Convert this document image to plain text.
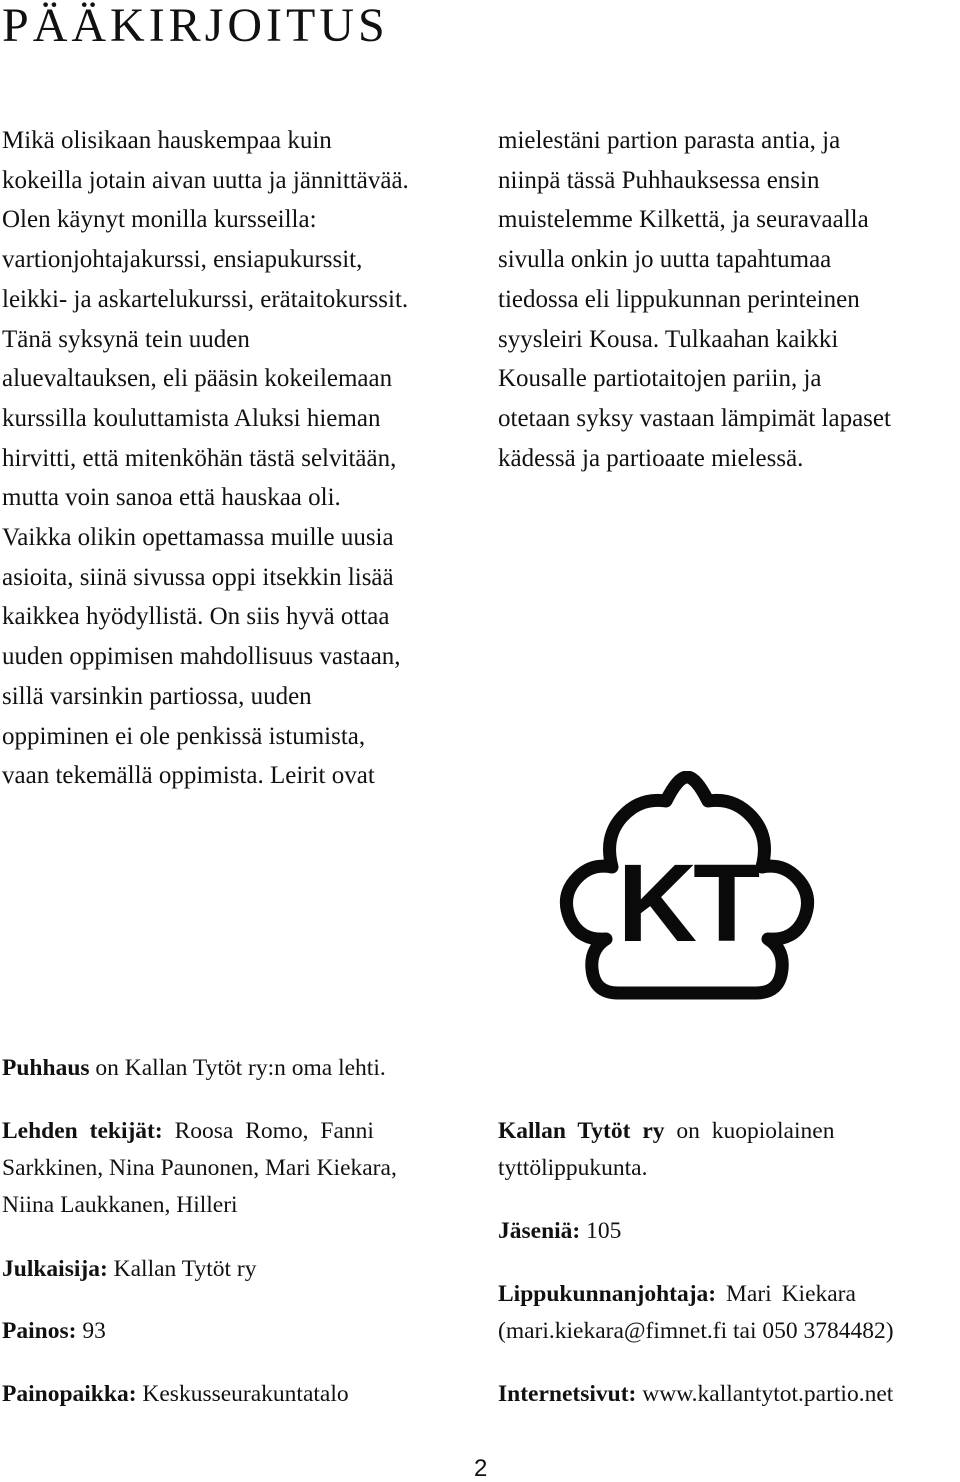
PÄÄKIRJOITUS
Mikä olisikaan hauskempaa kuin
kokeilla jotain aivan uutta ja jännittävää.
Olen käynyt monilla kursseilla:
vartionjohtajakurssi, ensiapukurssit,
leikki- ja askartelukurssi, erätaitokurssit.
Tänä syksynä tein uuden
aluevaltauksen, eli pääsin kokeilemaan
kurssilla kouluttamista Aluksi hieman
hirvitti, että mitenköhän tästä selvitään,
mutta voin sanoa että hauskaa oli.
Vaikka olikin opettamassa muille uusia
asioita, siinä sivussa oppi itsekkin lisää
kaikkea hyödyllistä. On siis hyvä ottaa
uuden oppimisen mahdollisuus vastaan,
sillä varsinkin partiossa, uuden
oppiminen ei ole penkissä istumista,
vaan tekemällä oppimista. Leirit ovat
mielestäni partion parasta antia, ja
niinpä tässä Puhhauksessa ensin
muistelemme Kilkettä, ja seuravaalla
sivulla onkin jo uutta tapahtumaa
tiedossa eli lippukunnan perinteinen
syysleiri Kousa. Tulkaahan kaikki
Kousalle partiotaitojen pariin, ja
otetaan syksy vastaan lämpimät lapaset
kädessä ja partioaate mielessä.
KT

Puhhaus on Kallan Tytöt ry:n oma lehti.

Lehden tekijät: Roosa Romo, Fanni
Sarkkinen, Nina Paunonen, Mari Kiekara,
Niina Laukkanen, Hilleri

Julkaisija: Kallan Tytöt ry

Painos: 93

Painopaikka: Keskusseurakuntatalo

Kallan Tytöt ry on kuopiolainen
tyttölippukunta.

Jäseniä: 105

Lippukunnanjohtaja: Mari Kiekara
(mari.kiekara@fimnet.fi tai 050 3784482)

Internetsivut: www.kallantytot.partio.net

2
